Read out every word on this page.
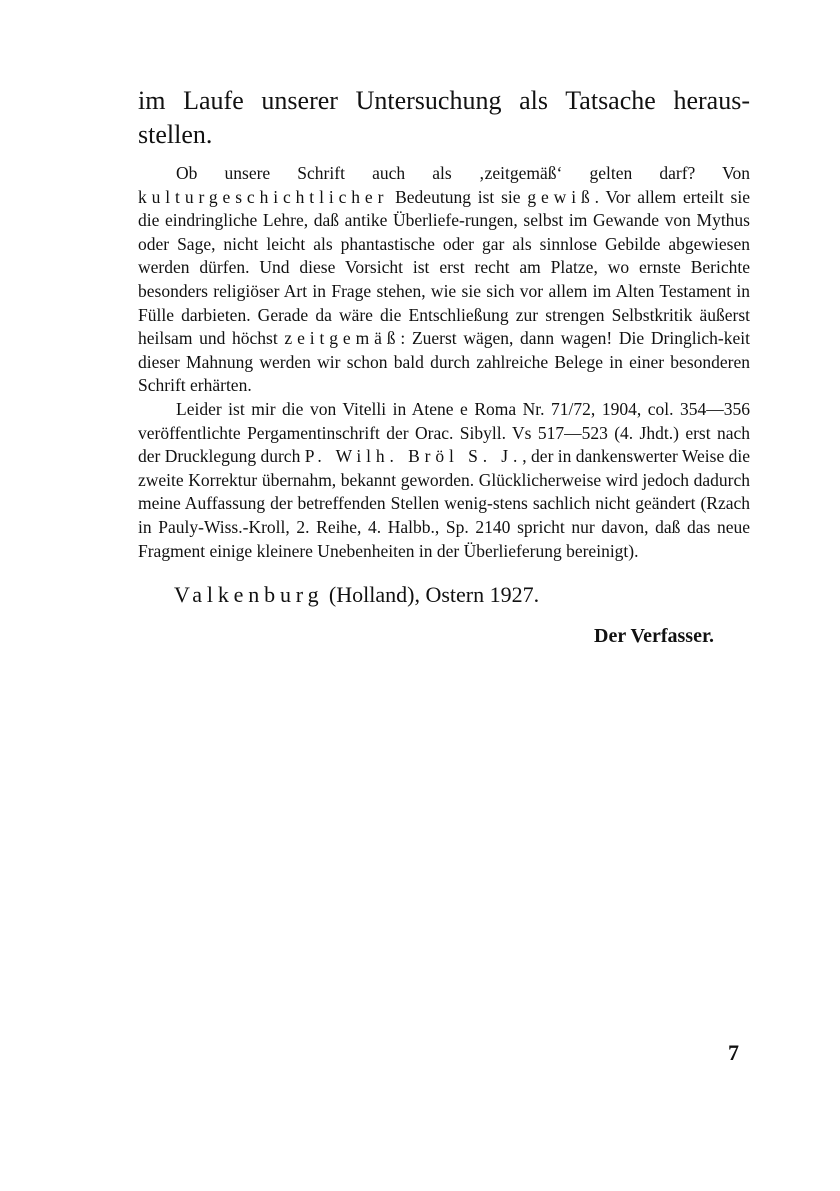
im Laufe unserer Untersuchung als Tatsache heraus-stellen.

Ob unsere Schrift auch als ‚zeitgemäß‘ gelten darf? Von kulturgeschichtlicher Bedeutung ist sie gewiß. Vor allem erteilt sie die eindringliche Lehre, daß antike Überliefe-rungen, selbst im Gewande von Mythus oder Sage, nicht leicht als phantastische oder gar als sinnlose Gebilde abgewiesen werden dürfen. Und diese Vorsicht ist erst recht am Platze, wo ernste Berichte besonders religiöser Art in Frage stehen, wie sie sich vor allem im Alten Testament in Fülle darbieten. Gerade da wäre die Entschließung zur strengen Selbstkritik äußerst heilsam und höchst zeitgemäß: Zuerst wägen, dann wagen! Die Dringlich-keit dieser Mahnung werden wir schon bald durch zahlreiche Belege in einer besonderen Schrift erhärten.

Leider ist mir die von Vitelli in Atene e Roma Nr. 71/72, 1904, col. 354—356 veröffentlichte Pergamentinschrift der Orac. Sibyll. Vs 517—523 (4. Jhdt.) erst nach der Drucklegung durch P. Wilh. Bröl S. J., der in dankenswerter Weise die zweite Korrektur übernahm, bekannt geworden. Glücklicherweise wird jedoch dadurch meine Auffassung der betreffenden Stellen wenig-stens sachlich nicht geändert (Rzach in Pauly-Wiss.-Kroll, 2. Reihe, 4. Halbb., Sp. 2140 spricht nur davon, daß das neue Fragment einige kleinere Unebenheiten in der Überlieferung bereinigt).

Valkenburg (Holland), Ostern 1927.

Der Verfasser.

7
